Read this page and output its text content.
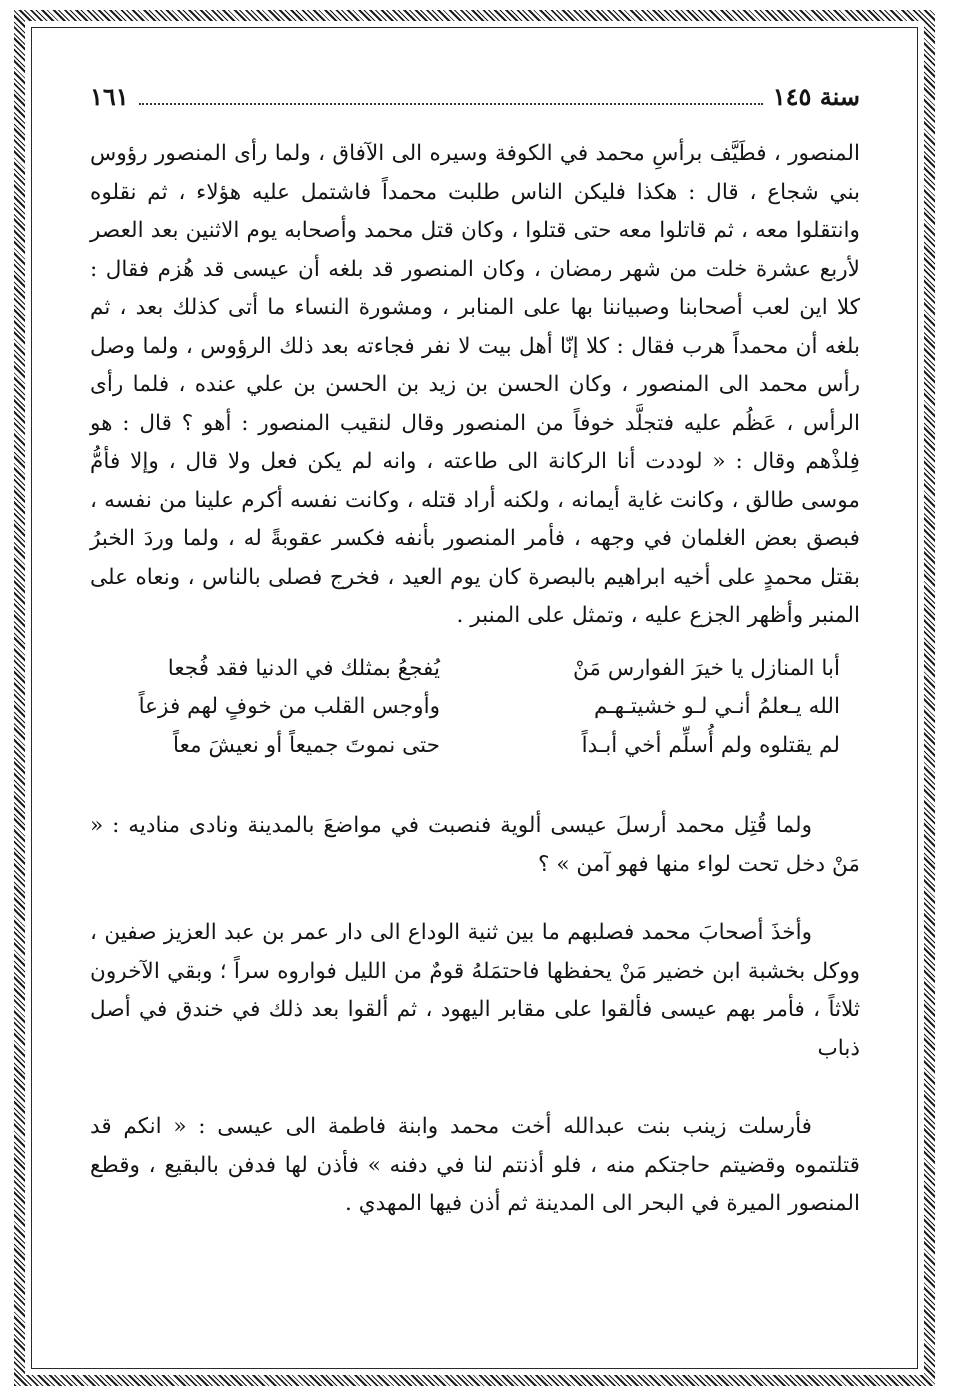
سنة ١٤٥
١٦١

المنصور ، فطَيَّف برأسِ محمد في الكوفة وسيره الى الآفاق ، ولما رأى المنصور رؤوس بني شجاع ، قال : هكذا فليكن الناس طلبت محمداً فاشتمل عليه هؤلاء ، ثم نقلوه وانتقلوا معه ، ثم قاتلوا معه حتى قتلوا ، وكان قتل محمد وأصحابه يوم الاثنين بعد العصر لأربع عشرة خلت من شهر رمضان ، وكان المنصور قد بلغه أن عيسى قد هُزم فقال : كلا اين لعب أصحابنا وصبياننا بها على المنابر ، ومشورة النساء ما أتى كذلك بعد ، ثم بلغه أن محمداً هرب فقال : كلا إنّا أهل بيت لا نفر فجاءته بعد ذلك الرؤوس ، ولما وصل رأس محمد الى المنصور ، وكان الحسن بن زيد بن الحسن بن علي عنده ، فلما رأى الرأس ، عَظُم عليه فتجلَّد خوفاً من المنصور وقال لنقيب المنصور : أهو ؟ قال : هو فِلذْهم وقال : « لوددت أنا الركانة الى طاعته ، وانه لم يكن فعل ولا قال ، وإلا فأمُّ موسى طالق ، وكانت غاية أيمانه ، ولكنه أراد قتله ، وكانت نفسه أكرم علينا من نفسه ، فبصق بعض الغلمان في وجهه ، فأمر المنصور بأنفه فكسر عقوبةً له ، ولما وردَ الخبرُ بقتل محمدٍ على أخيه ابراهيم بالبصرة كان يوم العيد ، فخرج فصلى بالناس ، ونعاه على المنبر وأظهر الجزع عليه ، وتمثل على المنبر .

أبا المنازل يا خيرَ الفوارس مَنْ
يُفجعُ بمثلك في الدنيا فقد فُجعا
الله يـعلمُ أنـي لـو خشيتـهـم
وأوجس القلب من خوفٍ لهم فزعاً
لم يقتلوه ولم أُسلِّم أخي أبـداً
حتى نموتَ جميعاً أو نعيشَ معاً

ولما قُتِل محمد أرسلَ عيسى ألوية فنصبت في مواضعَ بالمدينة ونادى مناديه : « مَنْ دخل تحت لواء منها فهو آمن » ؟

وأخذَ أصحابَ محمد فصلبهم ما بين ثنية الوداع الى دار عمر بن عبد العزيز صفين ، ووكل بخشبة ابن خضير مَنْ يحفظها فاحتمَلهُ قومٌ من الليل فواروه سراً ؛ وبقي الآخرون ثلاثاً ، فأمر بهم عيسى فألقوا على مقابر اليهود ، ثم ألقوا بعد ذلك في خندق في أصل ذباب

فأرسلت زينب بنت عبدالله أخت محمد وابنة فاطمة الى عيسى : « انكم قد قتلتموه وقضيتم حاجتكم منه ، فلو أذنتم لنا في دفنه » فأذن لها فدفن بالبقيع ، وقطع المنصور الميرة في البحر الى المدينة ثم أذن فيها المهدي .
